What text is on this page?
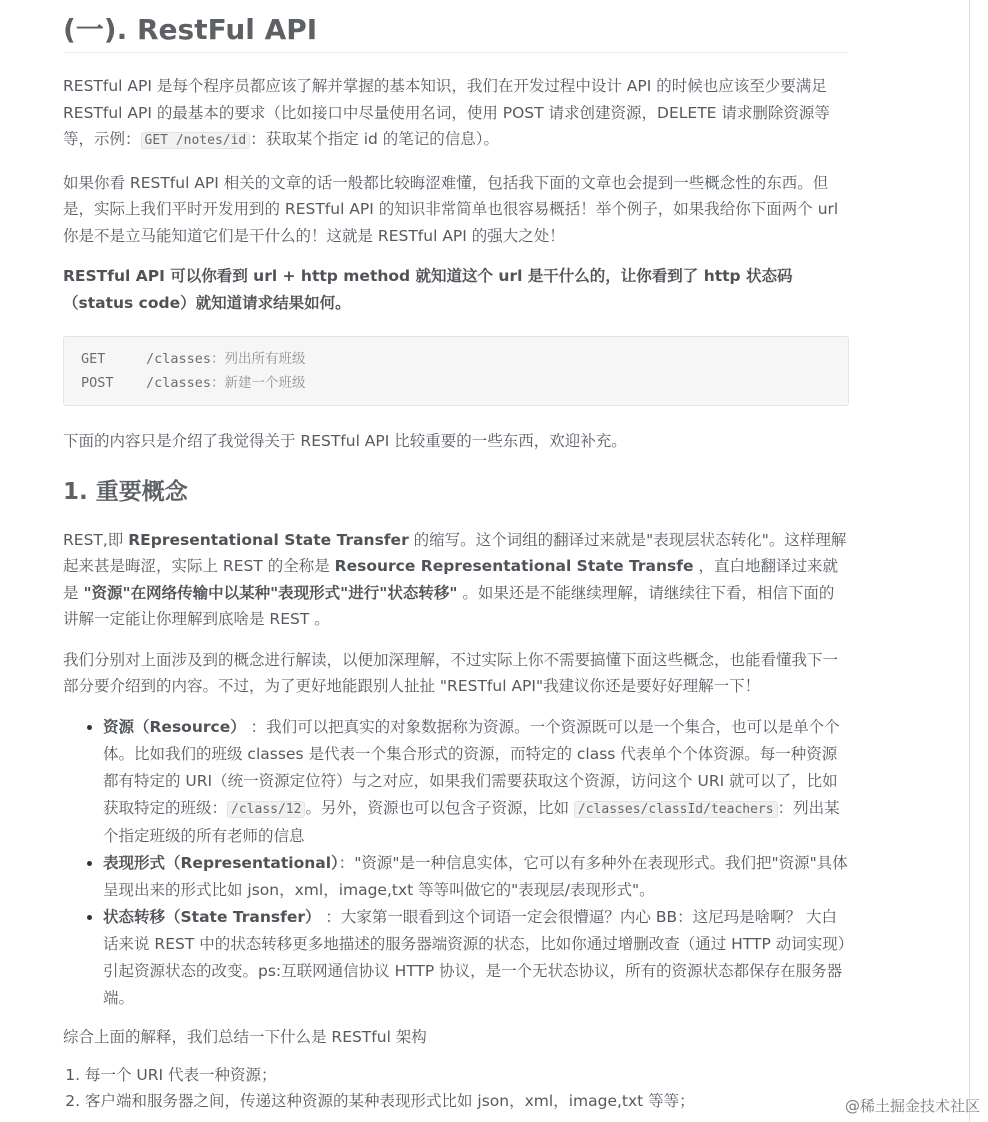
(一). RestFul API

RESTful API 是每个程序员都应该了解并掌握的基本知识，我们在开发过程中设计 API 的时候也应该至少要满足 RESTful API 的最基本的要求（比如接口中尽量使用名词，使用 POST 请求创建资源，DELETE 请求删除资源等等，示例： GET /notes/id ：获取某个指定 id 的笔记的信息）。

如果你看 RESTful API 相关的文章的话一般都比较晦涩难懂，包括我下面的文章也会提到一些概念性的东西。但是，实际上我们平时开发用到的 RESTful API 的知识非常简单也很容易概括！举个例子，如果我给你下面两个 url 你是不是立马能知道它们是干什么的！这就是 RESTful API 的强大之处！

RESTful API 可以你看到 url + http method 就知道这个 url 是干什么的，让你看到了 http 状态码（status code）就知道请求结果如何。

GET     /classes：列出所有班级
POST /classes：新建一个班级

下面的内容只是介绍了我觉得关于 RESTful API 比较重要的一些东西，欢迎补充。

1. 重要概念

REST,即 REpresentational State Transfer 的缩写。这个词组的翻译过来就是"表现层状态转化"。这样理解起来甚是晦涩，实际上 REST 的全称是 Resource Representational State Transfe ，直白地翻译过来就是 "资源"在网络传输中以某种"表现形式"进行"状态转移" 。如果还是不能继续理解，请继续往下看，相信下面的讲解一定能让你理解到底啥是 REST 。

我们分别对上面涉及到的概念进行解读，以便加深理解，不过实际上你不需要搞懂下面这些概念，也能看懂我下一部分要介绍到的内容。不过，为了更好地能跟别人扯扯 "RESTful API"我建议你还是要好好理解一下！

• 资源（Resource） ：我们可以把真实的对象数据称为资源。一个资源既可以是一个集合，也可以是单个个体。比如我们的班级 classes 是代表一个集合形式的资源，而特定的 class 代表单个个体资源。每一种资源都有特定的 URI（统一资源定位符）与之对应，如果我们需要获取这个资源，访问这个 URI 就可以了，比如获取特定的班级： /class/12 。另外，资源也可以包含子资源，比如 /classes/classId/teachers ：列出某个指定班级的所有老师的信息
• 表现形式（Representational）："资源"是一种信息实体，它可以有多种外在表现形式。我们把"资源"具体呈现出来的形式比如 json，xml，image,txt 等等叫做它的"表现层/表现形式"。
• 状态转移（State Transfer） ：大家第一眼看到这个词语一定会很懵逼？内心 BB：这尼玛是啥啊？ 大白话来说 REST 中的状态转移更多地描述的服务器端资源的状态，比如你通过增删改查（通过 HTTP 动词实现）引起资源状态的改变。ps:互联网通信协议 HTTP 协议，是一个无状态协议，所有的资源状态都保存在服务器端。

综合上面的解释，我们总结一下什么是 RESTful 架构

1. 每一个 URI 代表一种资源；
2. 客户端和服务器之间，传递这种资源的某种表现形式比如 json，xml，image,txt 等等；	@稀土掘金技术社区
